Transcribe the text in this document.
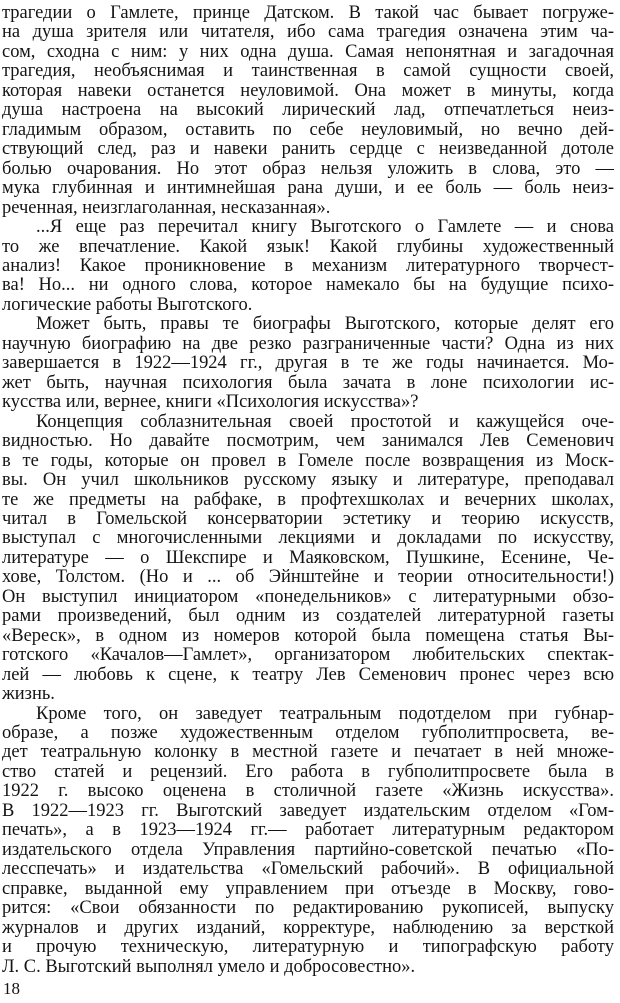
трагедии о Гамлете, принце Датском. В такой час бывает погруже-
на душа зрителя или читателя, ибо сама трагедия означена этим ча-
сом, сходна с ним: у них одна душа. Самая непонятная и загадочная
трагедия, необъяснимая и таинственная в самой сущности своей,
которая навеки останется неуловимой. Она может в минуты, когда
душа настроена на высокий лирический лад, отпечатлеться неиз-
гладимым образом, оставить по себе неуловимый, но вечно дей-
ствующий след, раз и навеки ранить сердце с неизведанной дотоле
болью очарования. Но этот образ нельзя уложить в слова, это —
мука глубинная и интимнейшая рана души, и ее боль — боль неиз-
реченная, неизглаголанная, несказанная».
...Я еще раз перечитал книгу Выготского о Гамлете — и снова
то же впечатление. Какой язык! Какой глубины художественный
анализ! Какое проникновение в механизм литературного творчест-
ва! Но... ни одного слова, которое намекало бы на будущие психо-
логические работы Выготского.
Может быть, правы те биографы Выготского, которые делят его
научную биографию на две резко разграниченные части? Одна из них
завершается в 1922—1924 гг., другая в те же годы начинается. Мо-
жет быть, научная психология была зачата в лоне психологии ис-
кусства или, вернее, книги «Психология искусства»?
Концепция соблазнительная своей простотой и кажущейся оче-
видностью. Но давайте посмотрим, чем занимался Лев Семенович
в те годы, которые он провел в Гомеле после возвращения из Моск-
вы. Он учил школьников русскому языку и литературе, преподавал
те же предметы на рабфаке, в профтехшколах и вечерних школах,
читал в Гомельской консерватории эстетику и теорию искусств,
выступал с многочисленными лекциями и докладами по искусству,
литературе — о Шекспире и Маяковском, Пушкине, Есенине, Че-
хове, Толстом. (Но и ... об Эйнштейне и теории относительности!)
Он выступил инициатором «понедельников» с литературными обзо-
рами произведений, был одним из создателей литературной газеты
«Вереск», в одном из номеров которой была помещена статья Вы-
готского «Качалов—Гамлет», организатором любительских спектак-
лей — любовь к сцене, к театру Лев Семенович пронес через всю
жизнь.
Кроме того, он заведует театральным подотделом при губнар-
образе, а позже художественным отделом губполитпросвета, ве-
дет театральную колонку в местной газете и печатает в ней множе-
ство статей и рецензий. Его работа в губполитпросвете была в
1922 г. высоко оценена в столичной газете «Жизнь искусства».
В 1922—1923 гг. Выготский заведует издательским отделом «Гом-
печать», а в 1923—1924 гг.— работает литературным редактором
издательского отдела Управления партийно-советской печатью «По-
лесспечать» и издательства «Гомельский рабочий». В официальной
справке, выданной ему управлением при отъезде в Москву, гово-
рится: «Свои обязанности по редактированию рукописей, выпуску
журналов и других изданий, корректуре, наблюдению за версткой
и прочую техническую, литературную и типографскую работу
Л. С. Выготский выполнял умело и добросовестно».
18
